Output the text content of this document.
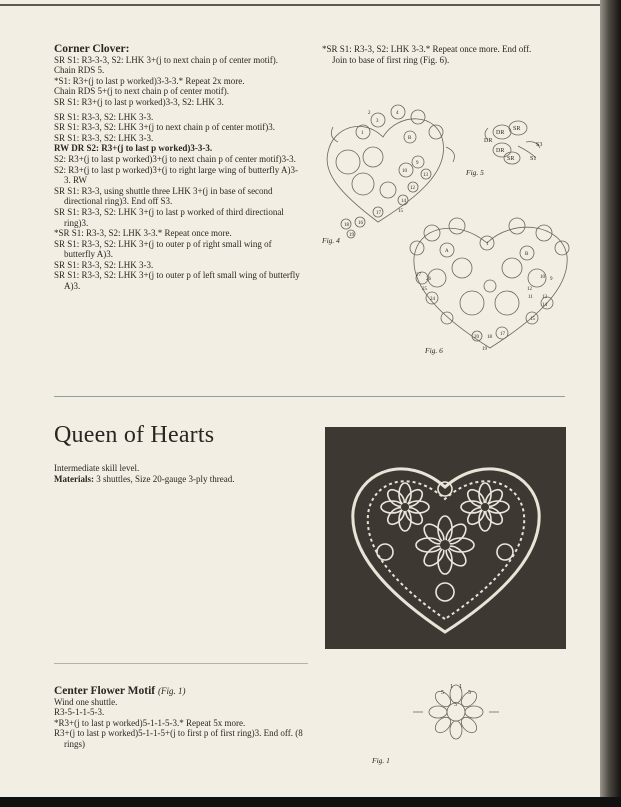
Corner Clover:

SR S1: R3-3-3, S2: LHK 3+(j to next chain p of center motif).

Chain RDS 5.

*S1: R3+(j to last p worked)3-3-3.* Repeat 2x more.

Chain RDS 5+(j to next chain p of center motif).

SR S1: R3+(j to last p worked)3-3, S2: LHK 3.

SR S1: R3-3, S2: LHK 3-3.

SR S1: R3-3, S2: LHK 3+(j to next chain p of center motif)3.

SR S1: R3-3, S2: LHK 3-3.

RW DR S2: R3+(j to last p worked)3-3-3.

S2: R3+(j to last p worked)3+(j to next chain p of center motif)3-3.

S2: R3+(j to last p worked)3+(j to right large wing of butterfly A)3-3. RW

SR S1: R3-3, using shuttle three LHK 3+(j in base of second directional ring)3. End off S3.

SR S1: R3-3, S2: LHK 3+(j to last p worked of third directional ring)3.

*SR S1: R3-3, S2: LHK 3-3.* Repeat once more.

SR S1: R3-3, S2: LHK 3+(j to outer p of right small wing of butterfly A)3.

SR S1: R3-3, S2: LHK 3-3.

SR S1: R3-3, S2: LHK 3+(j to outer p of left small wing of butterfly A)3.

*SR S1: R3-3, S2: LHK 3-3.* Repeat once more. End off.

Join to base of first ring (Fig. 6).

1
2
3
4
B
10
9
12
13
14
15
16
17
18
19
Fig. 4
DR
SR
DR
S3
DR
SR	S1
Fig. 5
1
A
B
10 9
27
26
25
24
12
11 13
14
15
17
18
19
20
Fig. 6
Queen of Hearts

Intermediate skill level.

Materials: 3 shuttles, Size 20-gauge 3-ply thread.

Center Flower Motif (Fig. 1)

Wind one shuttle.

R3-5-1-1-5-3.

*R3+(j to last p worked)5-1-1-5-3.* Repeat 5x more.

R3+(j to last p worked)5-1-1-5+(j to first p of first ring)3. End off. (8 rings)

1 1
5	5
3
Fig. 1
